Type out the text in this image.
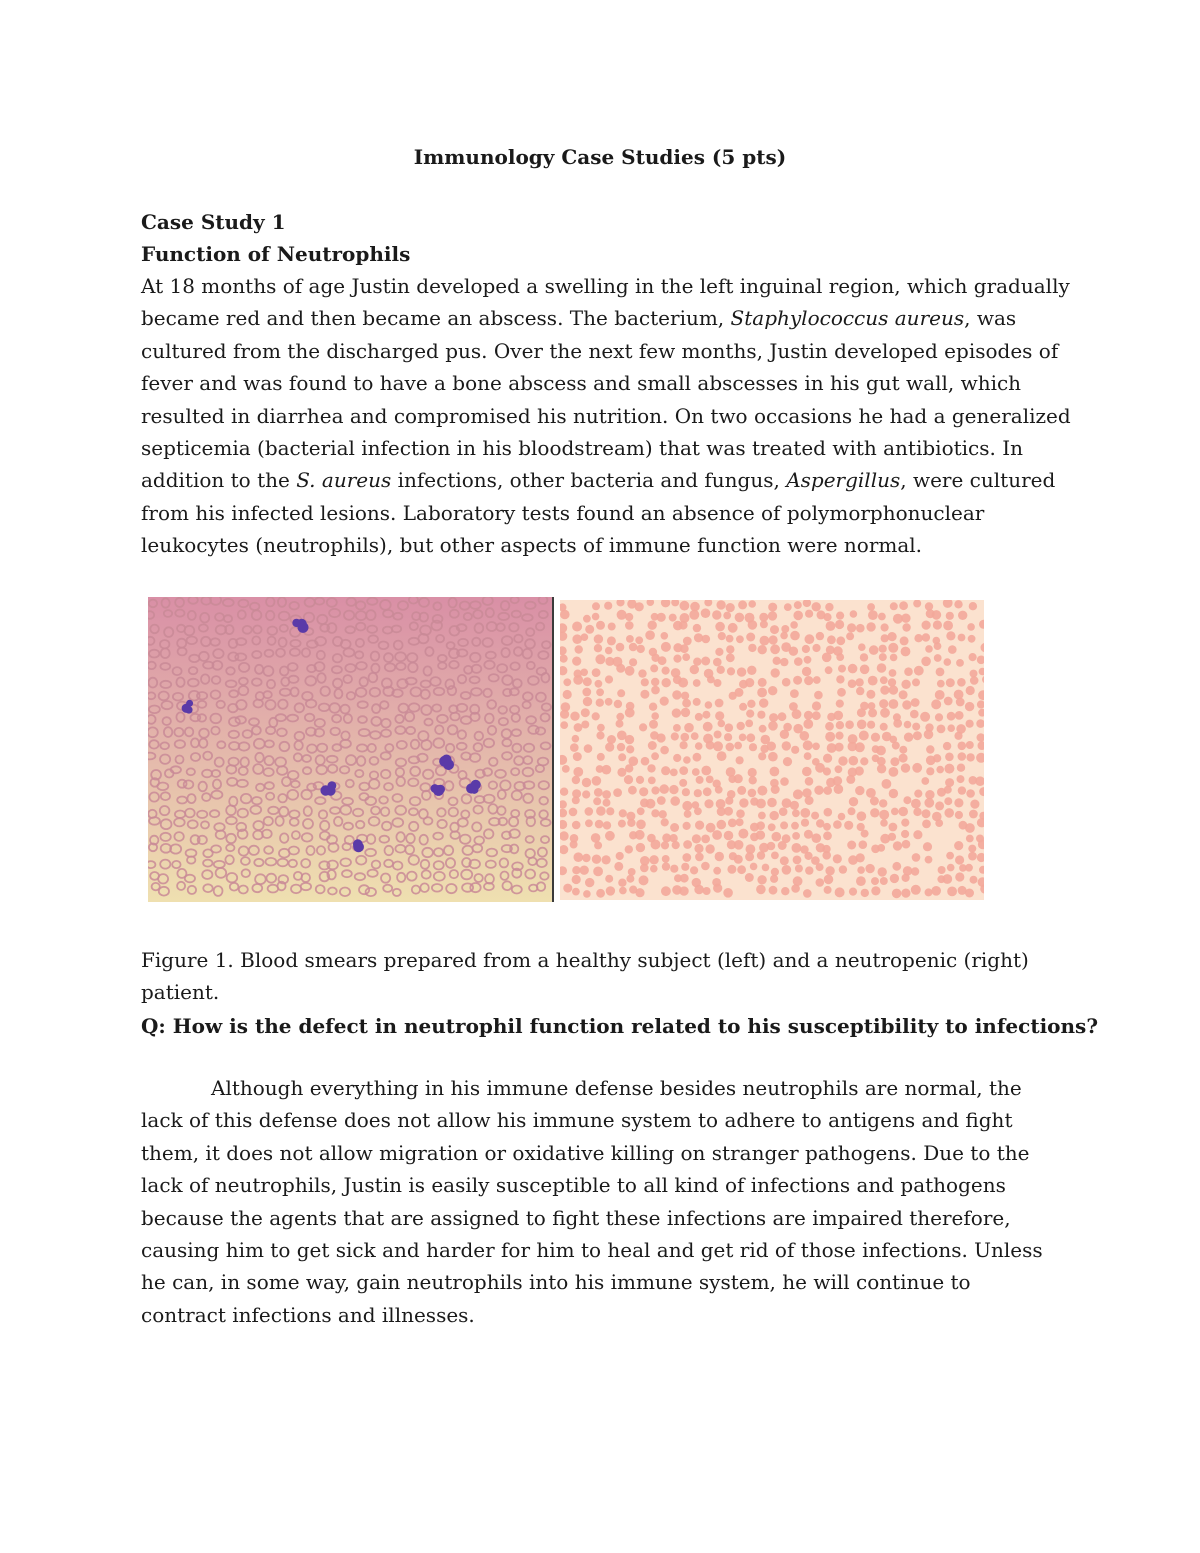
Immunology Case Studies (5 pts)
Case Study 1
Function of Neutrophils

At 18 months of age Justin developed a swelling in the left inguinal region, which gradually became red and then became an abscess. The bacterium, Staphylococcus aureus, was cultured from the discharged pus. Over the next few months, Justin developed episodes of fever and was found to have a bone abscess and small abscesses in his gut wall, which resulted in diarrhea and compromised his nutrition. On two occasions he had a generalized septicemia (bacterial infection in his bloodstream) that was treated with antibiotics. In addition to the S. aureus infections, other bacteria and fungus, Aspergillus, were cultured from his infected lesions. Laboratory tests found an absence of polymorphonuclear leukocytes (neutrophils), but other aspects of immune function were normal.

Figure 1. Blood smears prepared from a healthy subject (left) and a neutropenic (right) patient.
Q: How is the defect in neutrophil function related to his susceptibility to infections?

Although everything in his immune defense besides neutrophils are normal, the lack of this defense does not allow his immune system to adhere to antigens and fight them, it does not allow migration or oxidative killing on stranger pathogens. Due to the lack of neutrophils, Justin is easily susceptible to all kind of infections and pathogens because the agents that are assigned to fight these infections are impaired therefore, causing him to get sick and harder for him to heal and get rid of those infections. Unless he can, in some way, gain neutrophils into his immune system, he will continue to contract infections and illnesses.
